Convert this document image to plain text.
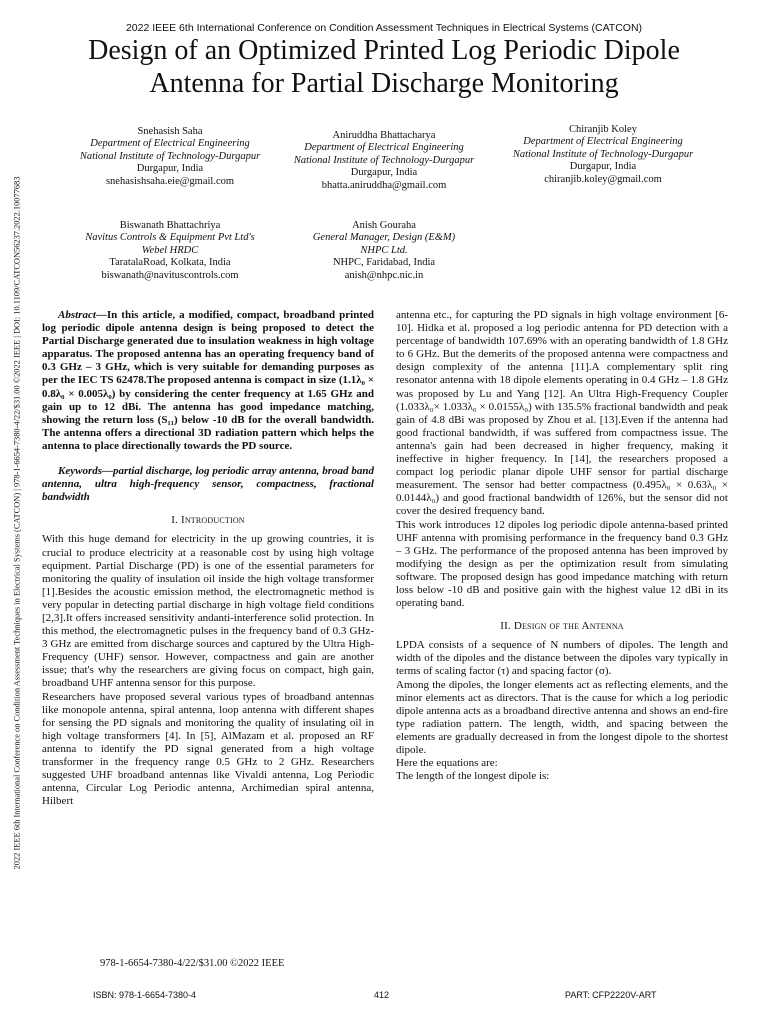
2022 IEEE 6th International Conference on Condition Assessment Techniques in Electrical Systems (CATCON)
Design of an Optimized Printed Log Periodic Dipole Antenna for Partial Discharge Monitoring
2022 IEEE 6th International Conference on Condition Assessment Techniques in Electrical Systems (CATCON) | 978-1-6654-7380-4/22/$31.00 ©2022 IEEE | DOI: 10.1109/CATCON56237.2022.10077683
Snehasish Saha
Department of Electrical Engineering
National Institute of Technology-Durgapur
Durgapur, India
snehasishsaha.eie@gmail.com
Aniruddha Bhattacharya
Department of Electrical Engineering
National Institute of Technology-Durgapur
Durgapur, India
bhatta.aniruddha@gmail.com
Chiranjib Koley
Department of Electrical Engineering
National Institute of Technology-Durgapur
Durgapur, India
chiranjib.koley@gmail.com
Biswanath Bhattachriya
Navitus Controls & Equipment Pvt Ltd's
Webel HRDC
TaratalaRoad, Kolkata, India
biswanath@navituscontrols.com
Anish Gouraha
General Manager, Design (E&M)
NHPC Ltd.
NHPC, Faridabad, India
anish@nhpc.nic.in

Abstract—In this article, a modified, compact, broadband printed log periodic dipole antenna design is being proposed to detect the Partial Discharge generated due to insulation weakness in high voltage apparatus. The proposed antenna has an operating frequency band of 0.3 GHz – 3 GHz, which is very suitable for demanding purposes as per the IEC TS 62478.The proposed antenna is compact in size (1.1λ₀ × 0.8λ₀ × 0.005λ₀) by considering the center frequency at 1.65 GHz and gain up to 12 dBi. The antenna has good impedance matching, showing the return loss (S₁₁) below -10 dB for the overall bandwidth. The antenna offers a directional 3D radiation pattern which helps the antenna to place directionally towards the PD source.

Keywords—partial discharge, log periodic array antenna, broad band antenna, ultra high-frequency sensor, compactness, fractional bandwidth

I. Introduction

With this huge demand for electricity in the up growing countries, it is crucial to produce electricity at a reasonable cost by using high voltage equipment. Partial Discharge (PD) is one of the essential parameters for monitoring the quality of insulation oil inside the high voltage transformer [1].Besides the acoustic emission method, the electromagnetic method is very popular in detecting partial discharge in high voltage field conditions [2,3].It offers increased sensitivity andanti-interference solid protection. In this method, the electromagnetic pulses in the frequency band of 0.3 GHz- 3 GHz are emitted from discharge sources and captured by the Ultra High- Frequency (UHF) sensor. However, compactness and gain are another issue; that's why the researchers are giving focus on compact, high gain, broadband UHF antenna sensor for this purpose.

Researchers have proposed several various types of broadband antennas like monopole antenna, spiral antenna, loop antenna with different shapes for sensing the PD signals and monitoring the quality of insulating oil in high voltage transformers [4]. In [5], AlMazam et al. proposed an RF antenna to identify the PD signal generated from a high voltage transformer in the frequency range 0.5 GHz to 2 GHz. Researchers suggested UHF broadband antennas like Vivaldi antenna, Log Periodic antenna, Circular Log Periodic antenna, Archimedian spiral antenna, Hilbert

antenna etc., for capturing the PD signals in high voltage environment [6- 10]. Hidka et al. proposed a log periodic antenna for PD detection with a percentage of bandwidth 107.69% with an operating bandwidth of 1.8 GHz to 6 GHz. But the demerits of the proposed antenna were compactness and design complexity of the antenna [11].A complementary split ring resonator antenna with 18 dipole elements operating in 0.4 GHz – 1.8 GHz was proposed by Lu and Yang [12]. An Ultra High-Frequency Coupler (1.033λ₀× 1.033λ₀ × 0.0155λ₀) with 135.5% fractional bandwidth and peak gain of 4.8 dBi was proposed by Zhou et al. [13].Even if the antenna had good fractional bandwidth, if was suffered from compactness issue. The antenna's gain had been decreased in higher frequency, making it ineffective in higher frequency. In [14], the researchers proposed a compact log periodic planar dipole UHF sensor for partial discharge measurement. The sensor had better compactness (0.495λ₀ × 0.63λ₀ × 0.0144λ₀) and good fractional bandwidth of 126%, but the sensor did not cover the desired frequency band.

This work introduces 12 dipoles log periodic dipole antenna-based printed UHF antenna with promising performance in the frequency band 0.3 GHz – 3 GHz. The performance of the proposed antenna has been improved by modifying the design as per the optimization result from simulating software. The proposed design has good impedance matching with return loss below -10 dB and positive gain with the highest value 12 dBi in its operating band.

II. Design of the Antenna

LPDA consists of a sequence of N numbers of dipoles. The length and width of the dipoles and the distance between the dipoles vary typically in terms of scaling factor (τ) and spacing factor (σ).

Among the dipoles, the longer elements act as reflecting elements, and the minor elements act as directors. That is the cause for which a log periodic dipole antenna acts as a broadband directive antenna and shows an end-fire type radiation pattern. The length, width, and spacing between the elements are gradually decreased in from the longest dipole to the shortest dipole.

Here the equations are:

The length of the longest dipole is:

978-1-6654-7380-4/22/$31.00 ©2022 IEEE
ISBN: 978-1-6654-7380-4	412	PART: CFP2220V-ART
